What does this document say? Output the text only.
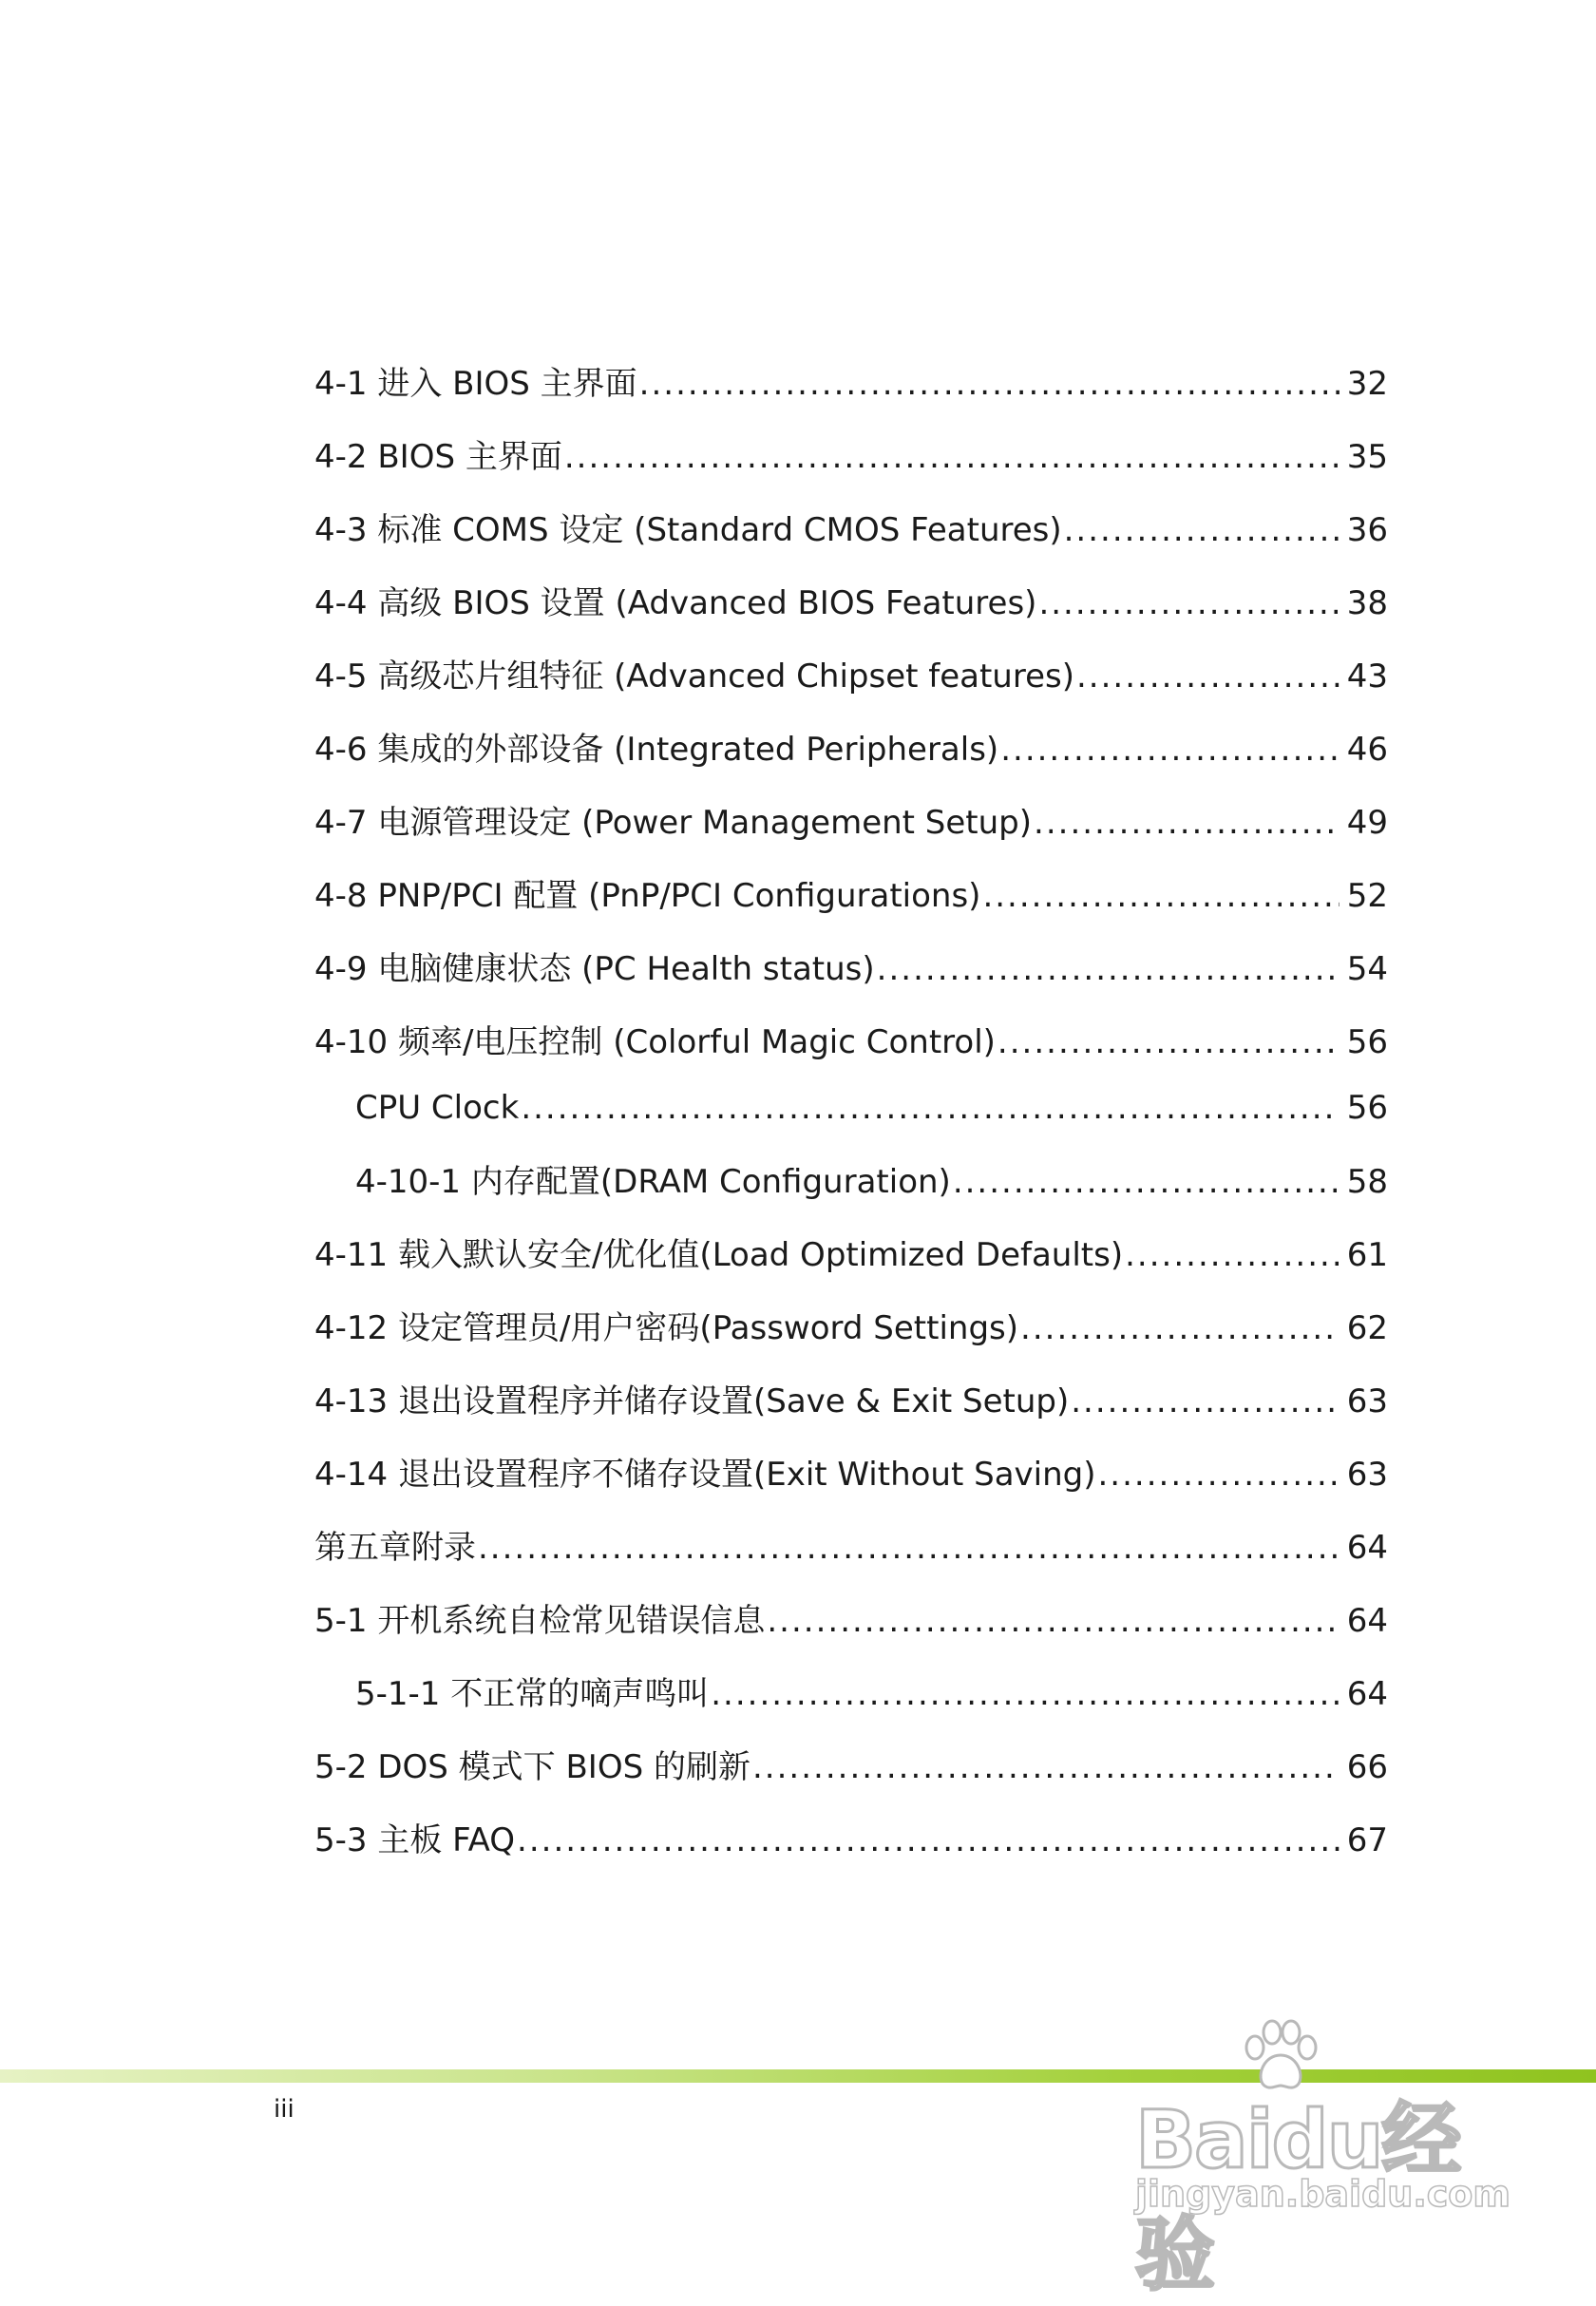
4-1 进入 BIOS 主界面 .....	32
4-2 BIOS 主界面 .....	35
4-3 标准 COMS 设定 (Standard CMOS Features) .....	36
4-4 高级 BIOS 设置 (Advanced BIOS Features) .....	38
4-5 高级芯片组特征 (Advanced Chipset features) .....	43
4-6 集成的外部设备 (Integrated Peripherals) .....	46
4-7 电源管理设定 (Power Management Setup) .....	49
4-8 PNP/PCI 配置 (PnP/PCI Configurations) .....	52
4-9 电脑健康状态 (PC Health status) .....	54
4-10 频率/电压控制 (Colorful Magic Control) .....	56
CPU Clock .....	56
4-10-1 内存配置(DRAM Configuration) .....	58
4-11 载入默认安全/优化值(Load Optimized Defaults) .....	61
4-12 设定管理员/用户密码(Password Settings) .....	62
4-13 退出设置程序并储存设置(Save & Exit Setup) .....	63
4-14 退出设置程序不储存设置(Exit Without Saving) .....	63
第五章附录 .....	64
5-1 开机系统自检常见错误信息 .....	64
5-1-1 不正常的嘀声鸣叫 .....	64
5-2 DOS 模式下 BIOS 的刷新 .....	66
5-3 主板 FAQ .....	67
iii	Baidu经验
jingyan.baidu.com
